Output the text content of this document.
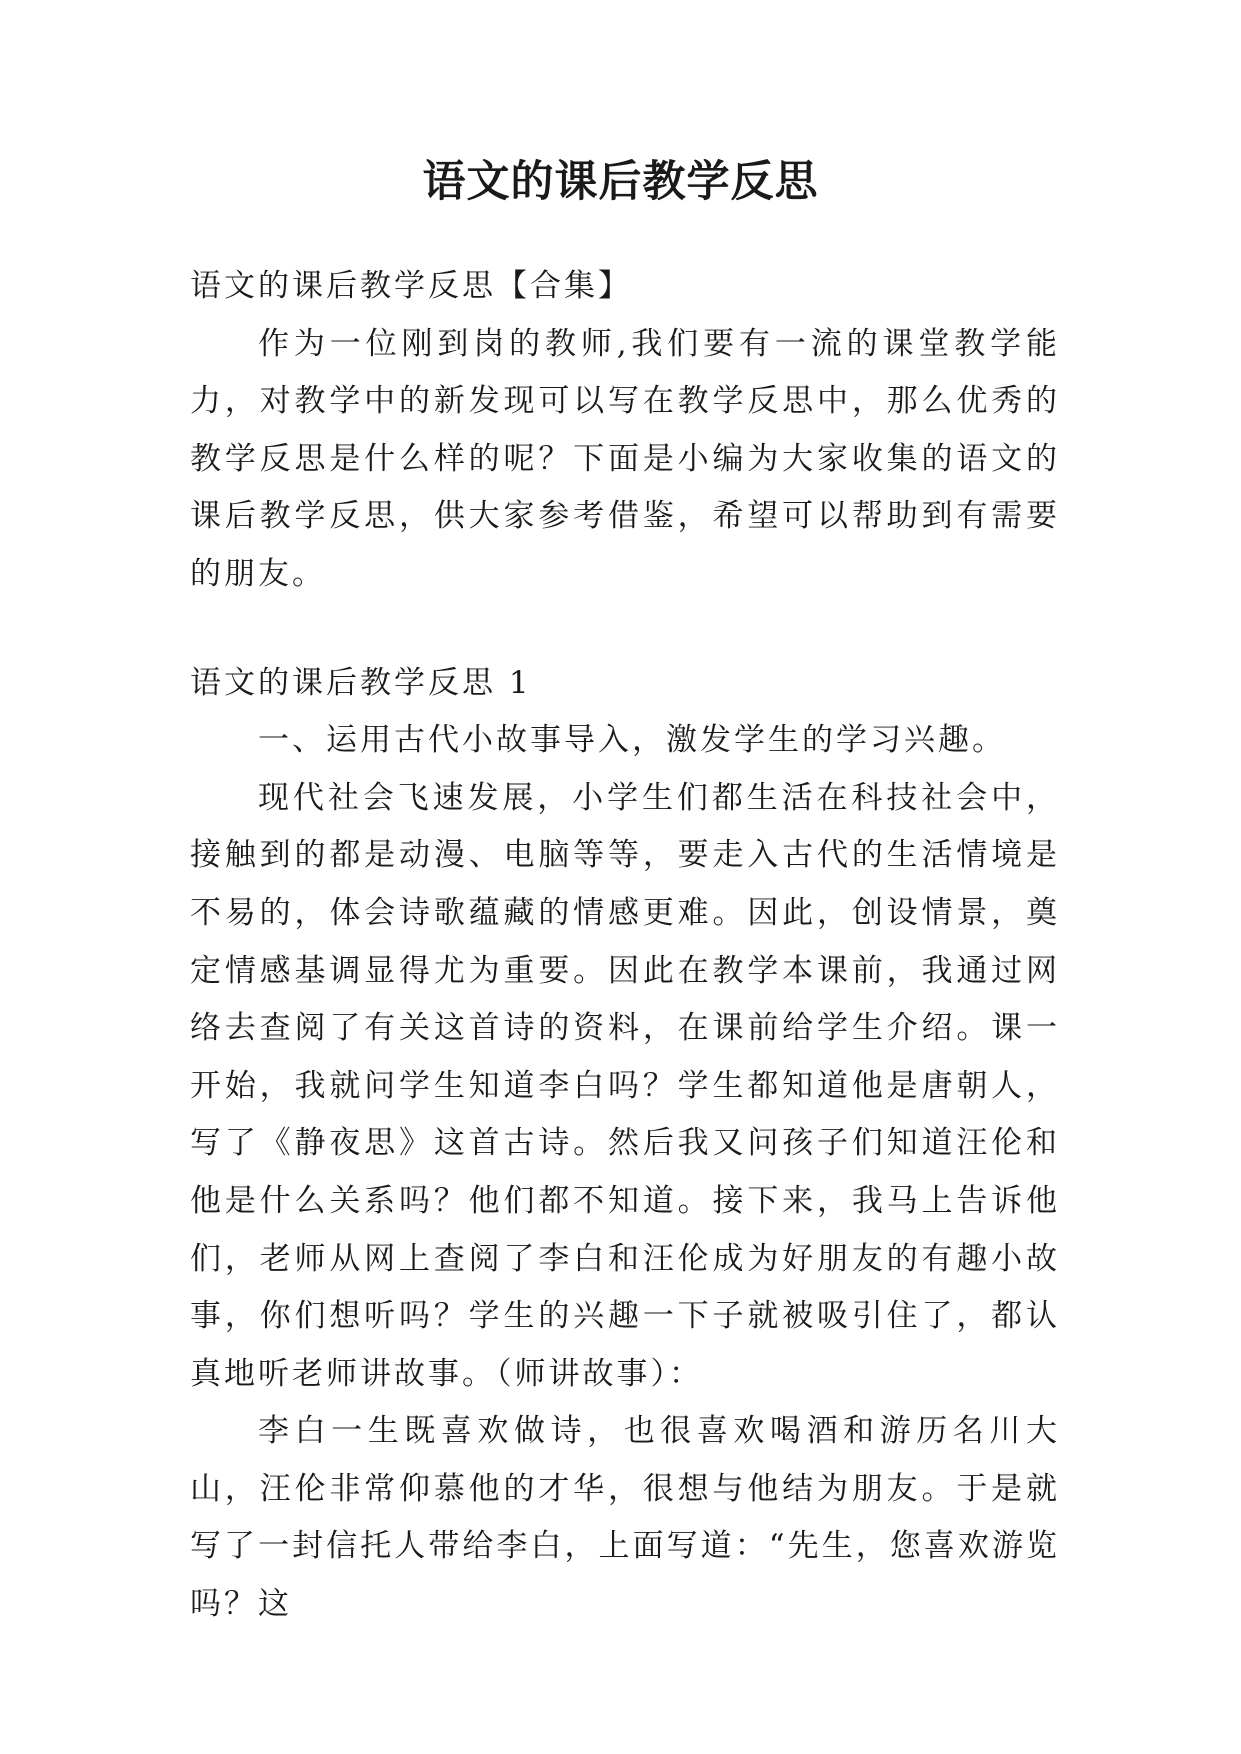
语文的课后教学反思

语文的课后教学反思【合集】

作为一位刚到岗的教师,我们要有一流的课堂教学能力，对教学中的新发现可以写在教学反思中，那么优秀的教学反思是什么样的呢？下面是小编为大家收集的语文的课后教学反思，供大家参考借鉴，希望可以帮助到有需要的朋友。

语文的课后教学反思 1

一、运用古代小故事导入，激发学生的学习兴趣。

现代社会飞速发展，小学生们都生活在科技社会中，接触到的都是动漫、电脑等等，要走入古代的生活情境是不易的，体会诗歌蕴藏的情感更难。因此，创设情景，奠定情感基调显得尤为重要。因此在教学本课前，我通过网络去查阅了有关这首诗的资料，在课前给学生介绍。课一开始，我就问学生知道李白吗？学生都知道他是唐朝人，写了《静夜思》这首古诗。然后我又问孩子们知道汪伦和他是什么关系吗？他们都不知道。接下来，我马上告诉他们，老师从网上查阅了李白和汪伦成为好朋友的有趣小故事，你们想听吗？学生的兴趣一下子就被吸引住了，都认真地听老师讲故事。（师讲故事）：

李白一生既喜欢做诗，也很喜欢喝酒和游历名川大山，汪伦非常仰慕他的才华，很想与他结为朋友。于是就写了一封信托人带给李白，上面写道：“先生，您喜欢游览吗？这
